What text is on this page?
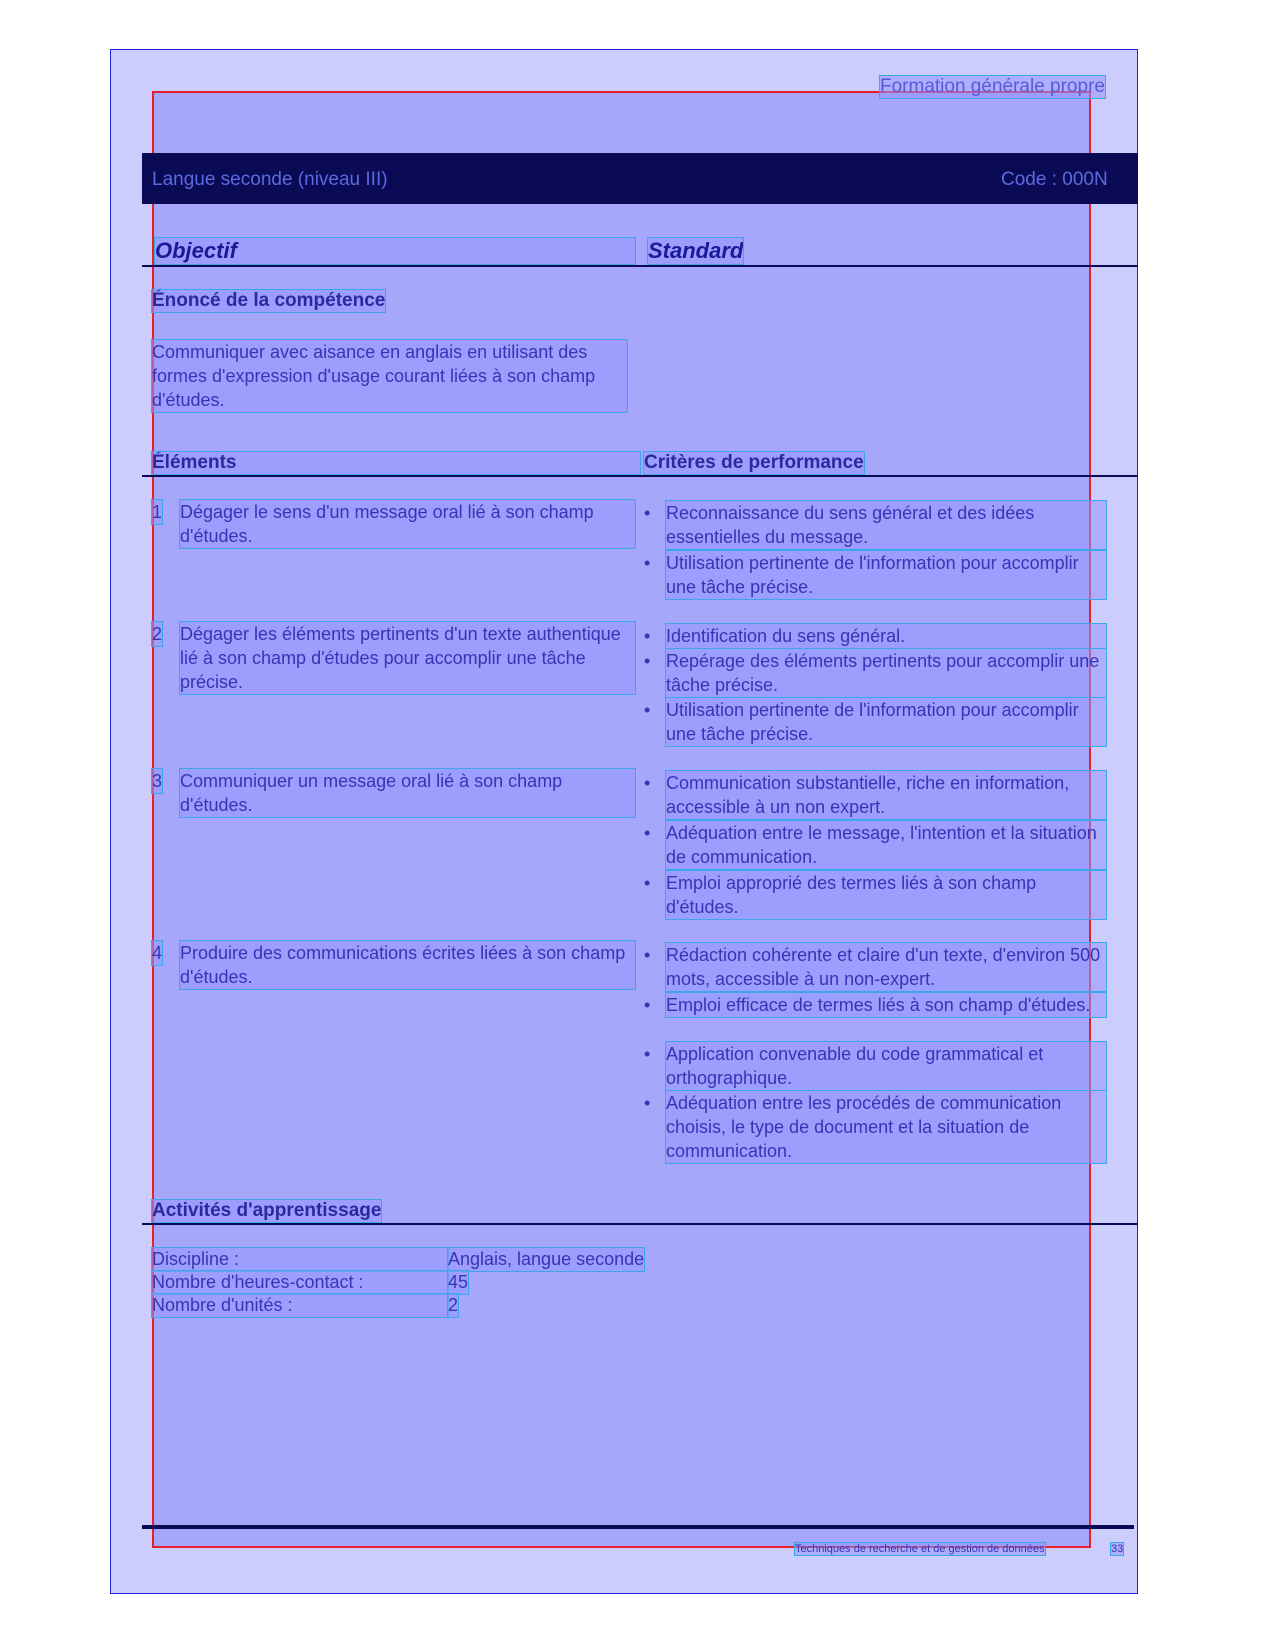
Formation générale propre
Langue seconde (niveau III)	Code : 000N
Objectif	Standard
Énoncé de la compétence
Communiquer avec aisance en anglais en utilisant des formes d'expression d'usage courant liées à son champ d'études.
Éléments	Critères de performance
1 Dégager le sens d'un message oral lié à son champ d'études.
• Reconnaissance du sens général et des idées essentielles du message.
• Utilisation pertinente de l'information pour accomplir une tâche précise.
2 Dégager les éléments pertinents d'un texte authentique lié à son champ d'études pour accomplir une tâche précise.
• Identification du sens général.
• Repérage des éléments pertinents pour accomplir une tâche précise.
• Utilisation pertinente de l'information pour accomplir une tâche précise.
3 Communiquer un message oral lié à son champ d'études.
• Communication substantielle, riche en information, accessible à un non expert.
• Adéquation entre le message, l'intention et la situation de communication.
• Emploi approprié des termes liés à son champ d'études.
4 Produire des communications écrites liées à son champ d'études.
• Rédaction cohérente et claire d'un texte, d'environ 500 mots, accessible à un non-expert.
• Emploi efficace de termes liés à son champ d'études.
• Application convenable du code grammatical et orthographique.
• Adéquation entre les procédés de communication choisis, le type de document et la situation de communication.
Activités d'apprentissage
Discipline :	Anglais, langue seconde
Nombre d'heures-contact :	45
Nombre d'unités :	2
Techniques de recherche et de gestion de données	33
